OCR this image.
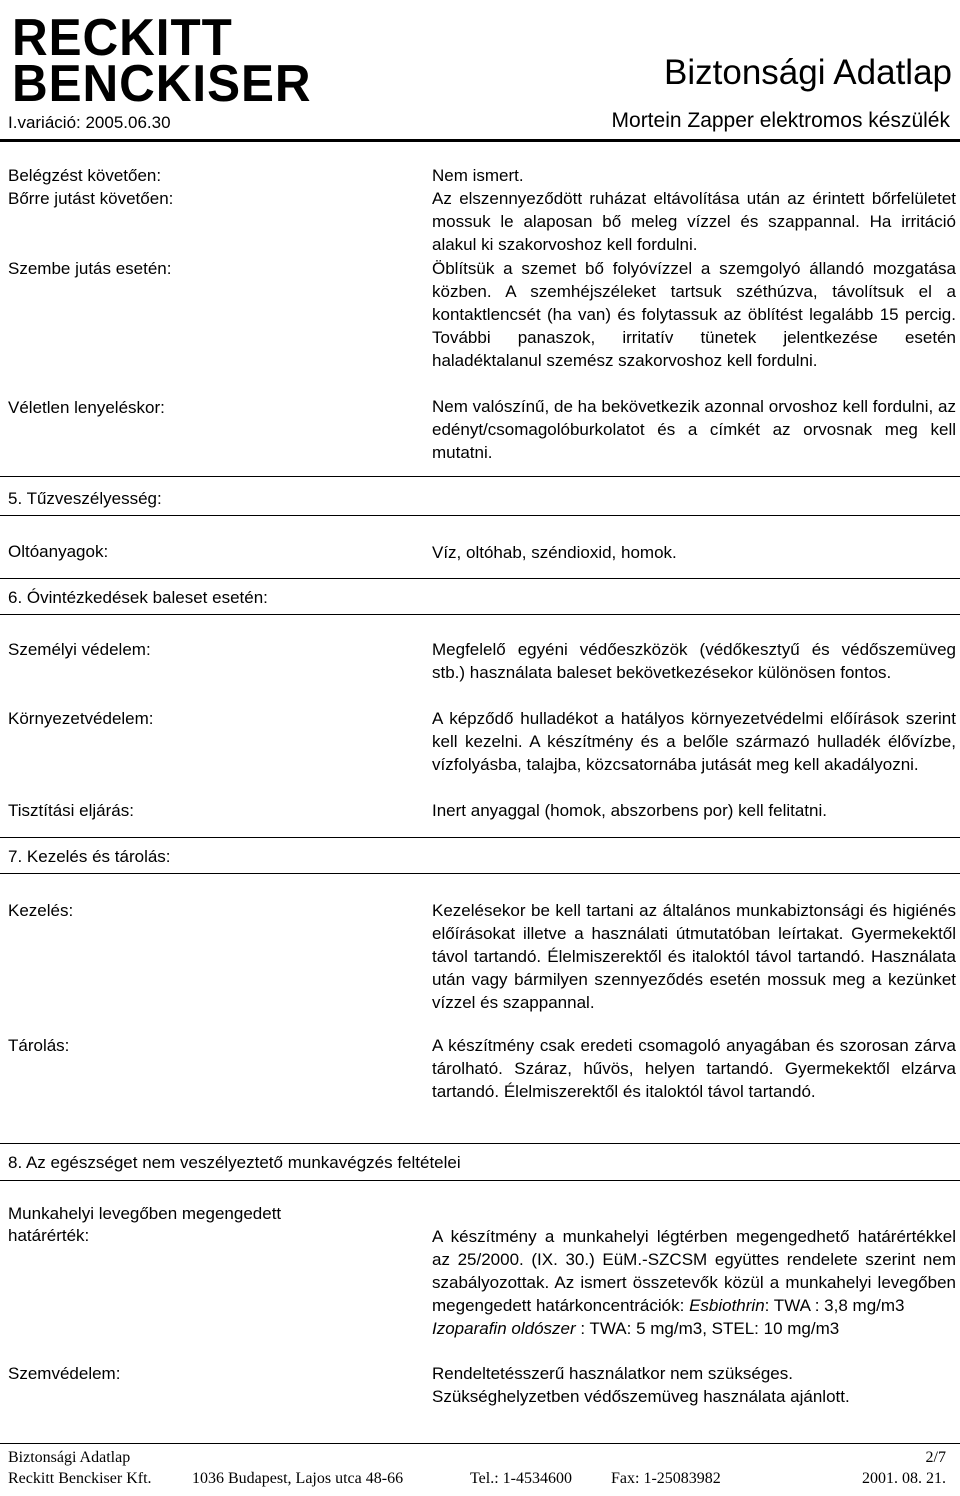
RECKITT
BENCKISER	Biztonsági Adatlap
I.variáció: 2005.06.30	Mortein Zapper elektromos készülék
Belégzést követően:	Nem ismert.
Bőrre jutást követően:	Az elszennyeződött ruházat eltávolítása után az érintett bőrfelületet mossuk le alaposan bő meleg vízzel és szappannal. Ha irritáció alakul ki szakorvoshoz kell fordulni.
Szembe jutás esetén:	Öblítsük a szemet bő folyóvízzel a szemgolyó állandó mozgatása közben. A szemhéjszéleket tartsuk széthúzva, távolítsuk el a kontaktlencsét (ha van) és folytassuk az öblítést legalább 15 percig. További panaszok, irritatív tünetek jelentkezése esetén haladéktalanul szemész szakorvoshoz kell fordulni.
Véletlen lenyeléskor:	Nem valószínű, de ha bekövetkezik azonnal orvoshoz kell fordulni, az edényt/csomagolóburkolatot és a címkét az orvosnak meg kell mutatni.
5. Tűzveszélyesség:
Oltóanyagok:	Víz, oltóhab, széndioxid, homok.
6. Óvintézkedések baleset esetén:
Személyi védelem:	Megfelelő egyéni védőeszközök (védőkesztyű és védőszemüveg stb.) használata baleset bekövetkezésekor különösen fontos.
Környezetvédelem:	A képződő hulladékot a hatályos környezetvédelmi előírások szerint kell kezelni. A készítmény és a belőle származó hulladék élővízbe, vízfolyásba, talajba, közcsatornába jutását meg kell akadályozni.
Tisztítási eljárás:	Inert anyaggal (homok, abszorbens por) kell felitatni.
7. Kezelés és tárolás:
Kezelés:	Kezelésekor be kell tartani az általános munkabiztonsági és higiénés előírásokat illetve a használati útmutatóban leírtakat. Gyermekektől távol tartandó. Élelmiszerektől és italoktól távol tartandó. Használata után vagy bármilyen szennyeződés esetén mossuk meg a kezünket vízzel és szappannal.
Tárolás:	A készítmény csak eredeti csomagoló anyagában és szorosan zárva tárolható. Száraz, hűvös, helyen tartandó. Gyermekektől elzárva tartandó. Élelmiszerektől és italoktól távol tartandó.
8. Az egészséget nem veszélyeztető munkavégzés feltételei
Munkahelyi levegőben megengedett
határérték:	A készítmény a munkahelyi légtérben megengedhető határértékkel az 25/2000. (IX. 30.) EüM.-SZCSM együttes rendelete szerint nem szabályozottak. Az ismert összetevők közül a munkahelyi levegőben megengedett határkoncentrációk: Esbiothrin: TWA : 3,8 mg/m3
Izoparafin oldószer : TWA: 5 mg/m3, STEL: 10 mg/m3
Szemvédelem:	Rendeltetésszerű használatkor nem szükséges.
Szükséghelyzetben védőszemüveg használata ajánlott.
Biztonsági Adatlap	2/7
Reckitt Benckiser Kft.	1036 Budapest, Lajos utca 48-66	Tel.: 1-4534600 Fax: 1-25083982	2001. 08. 21.
